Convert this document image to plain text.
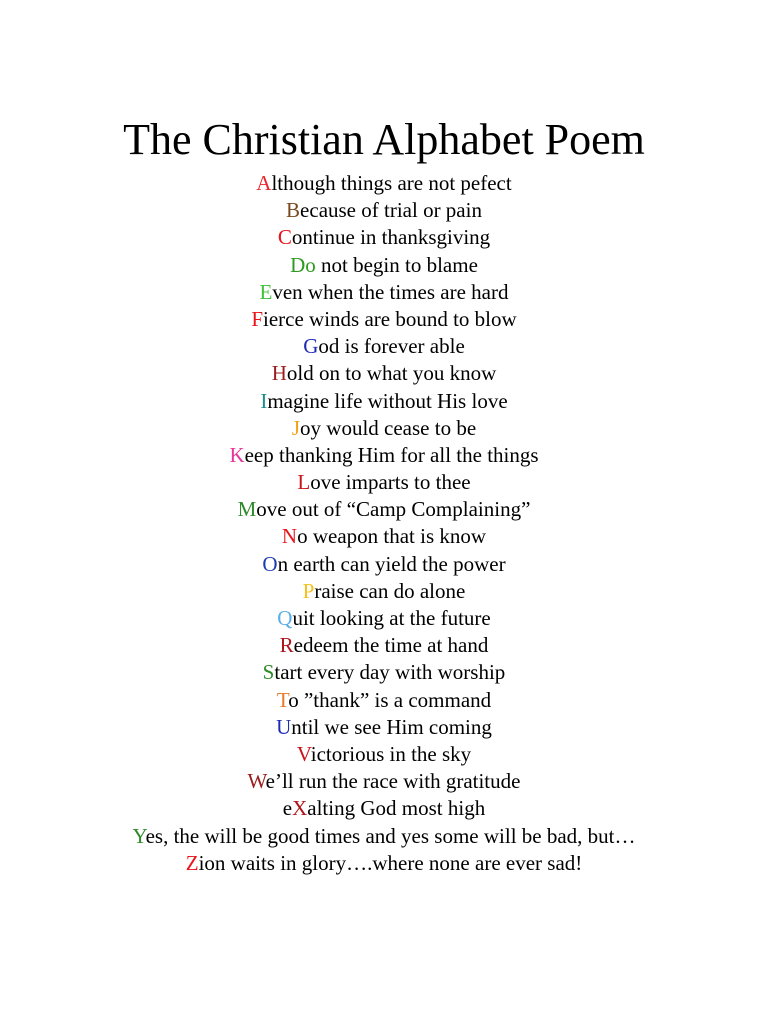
The Christian Alphabet Poem
Although things are not pefect
Because of trial or pain
Continue in thanksgiving
Do not begin to blame
Even when the times are hard
Fierce winds are bound to blow
God is forever able
Hold on to what you know
Imagine life without His love
Joy would cease to be
Keep thanking Him for all the things
Love imparts to thee
Move out of “Camp Complaining”
No weapon that is know
On earth can yield the power
Praise can do alone
Quit looking at the future
Redeem the time at hand
Start every day with worship
To ”thank” is a command
Until we see Him coming
Victorious in the sky
We’ll run the race with gratitude
eXalting God most high
Yes, the will be good times and yes some will be bad, but…
Zion waits in glory….where none are ever sad!
